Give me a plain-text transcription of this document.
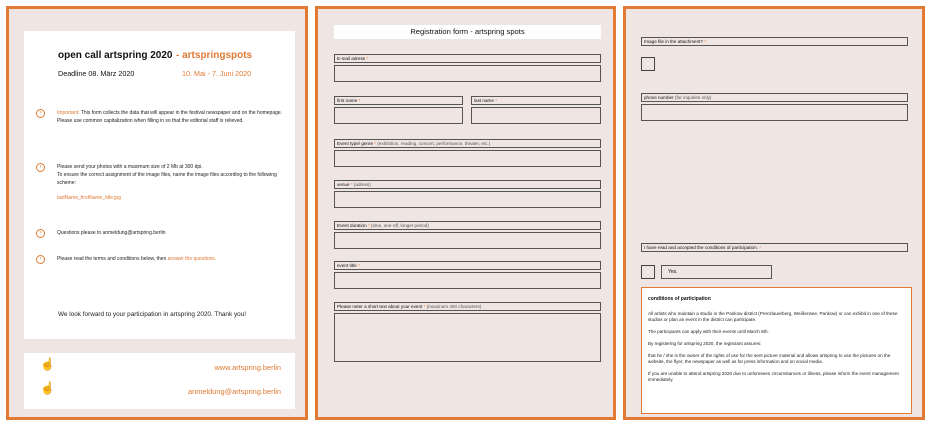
open call artspring 2020 - artspringspots
Deadline 08. März 2020	10. Mai - 7. Juni 2020
›	Important: This form collects the data that will appear in the festival newspaper and on the homepage. Please use common capitalization when filling in so that the editorial staff is relieved.
›	Please send your photos with a maximum size of 2 Mb at 300 dpi.
To ensure the correct assignment of the image files, name the image files according to the following scheme:
lastName_firstName_title.jpg
›	Questions please to anmeldung@artspring.berlin
›	Please read the terms and conditions below, then answer the questions.
We look forward to your participation in artspring 2020. Thank you!
☝
☝
www.artspring.berlin
anmeldung@artspring.berlin
Registration form - artspring spots
E-mail adress *
first name *	last name *
Event type/ genre * (exhibition, reading, concert, performance, theater, etc.)
venue * (adress)
Event duration * (time, one-off, longer period)
event title *
Please neter a short text about your event * (maximum 400 characters)
Image file in the attachment? *
phone number (for inquiries only)
I have read and accepted the conditions of participation. *
Yes.
conditions of participation
All artists who maintain a studio in the Pankow district (Prenzlauerberg, Weißensee, Pankow) or can exhibit in one of these studios or plan an event in the district can participate.
The participants can apply with their events until March 8th.
By registering for artspring 2020, the registrant assures:
that he / she is the owner of the rights of use for the sent picture material and allows artspring to use the pictures on the website, the flyer, the newspaper as well as for press information and on social media.
If you are unable to attend artspring 2020 due to unforeseen circumstances or illness, please inform the event management immediately.
